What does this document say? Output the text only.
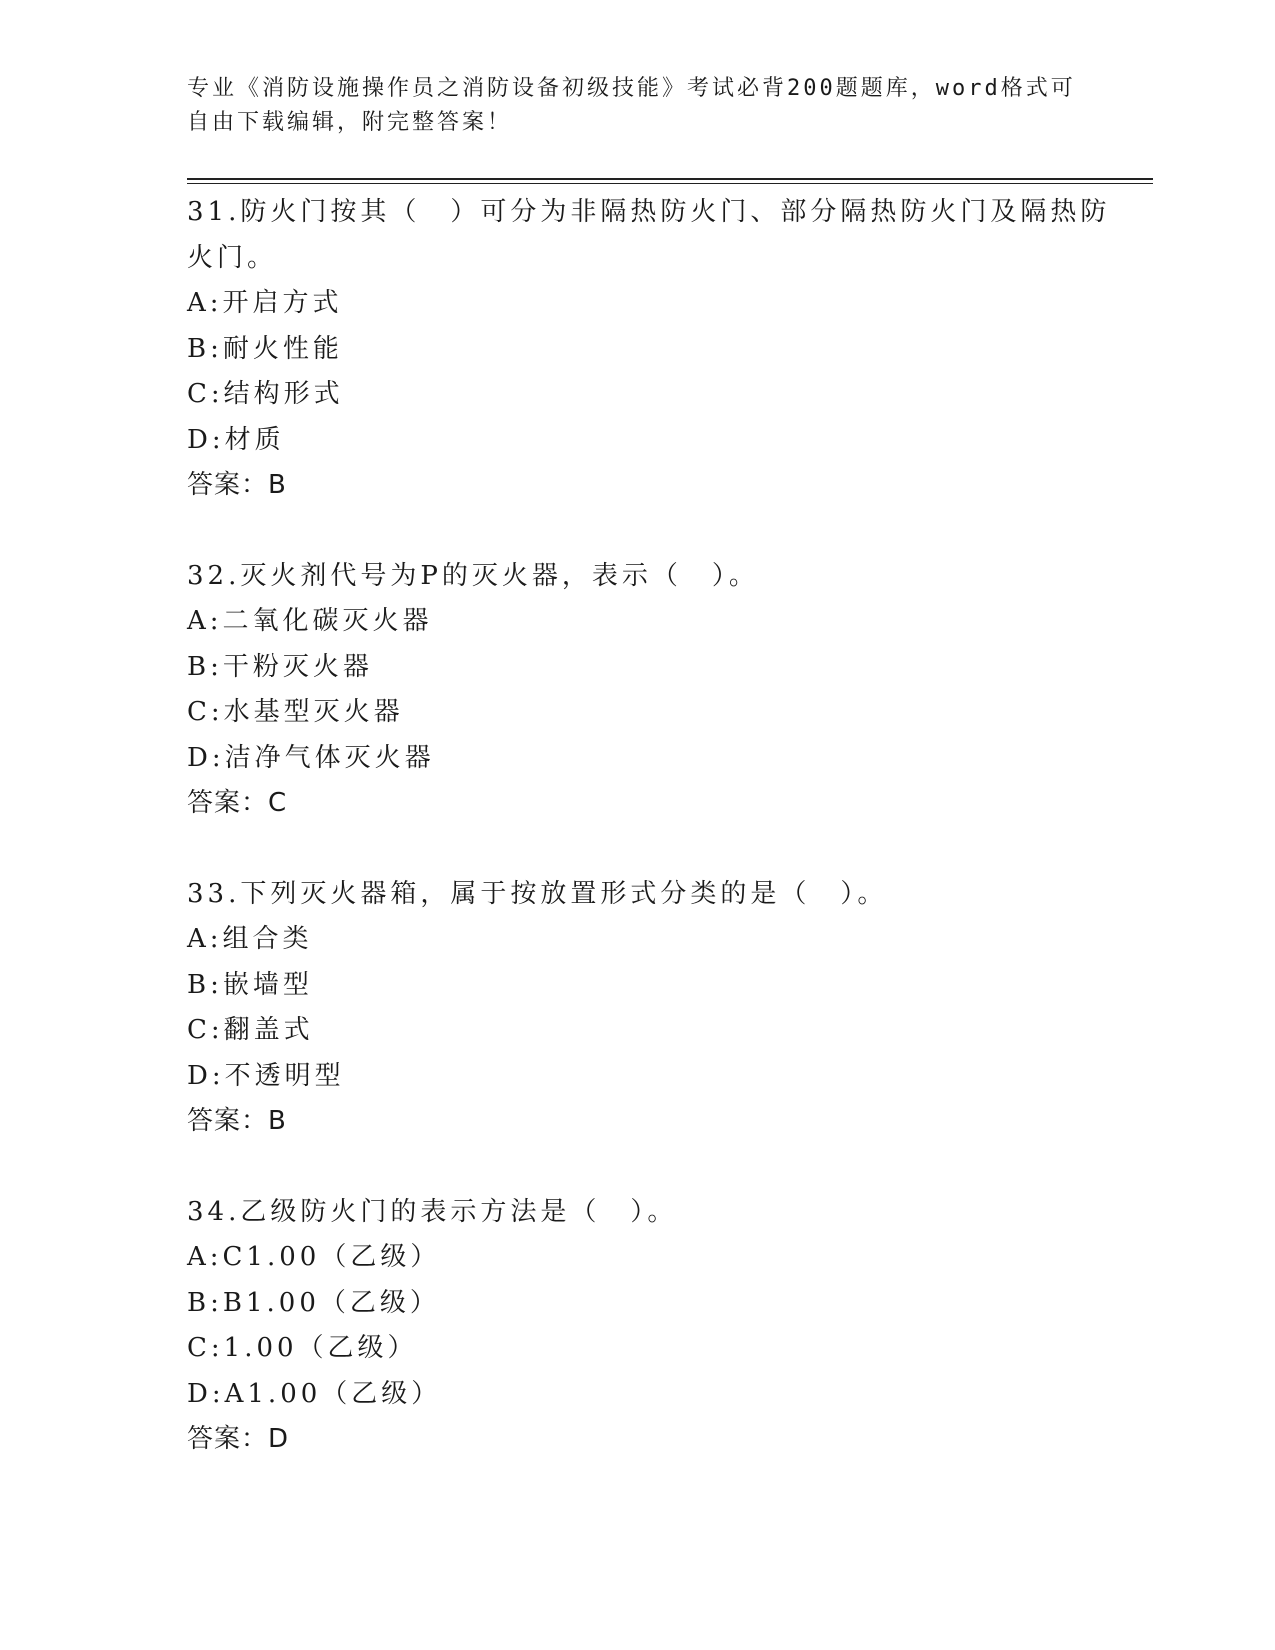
专业《消防设施操作员之消防设备初级技能》考试必背200题题库，word格式可
自由下载编辑，附完整答案！
31.防火门按其（　）可分为非隔热防火门、部分隔热防火门及隔热防
火门。
A:开启方式
B:耐火性能
C:结构形式
D:材质
答案：B
32.灭火剂代号为P的灭火器，表示（　）。
A:二氧化碳灭火器
B:干粉灭火器
C:水基型灭火器
D:洁净气体灭火器
答案：C
33.下列灭火器箱，属于按放置形式分类的是（　）。
A:组合类
B:嵌墙型
C:翻盖式
D:不透明型
答案：B
34.乙级防火门的表示方法是（　）。
A:C1.00（乙级）
B:B1.00（乙级）
C:1.00（乙级）
D:A1.00（乙级）
答案：D
